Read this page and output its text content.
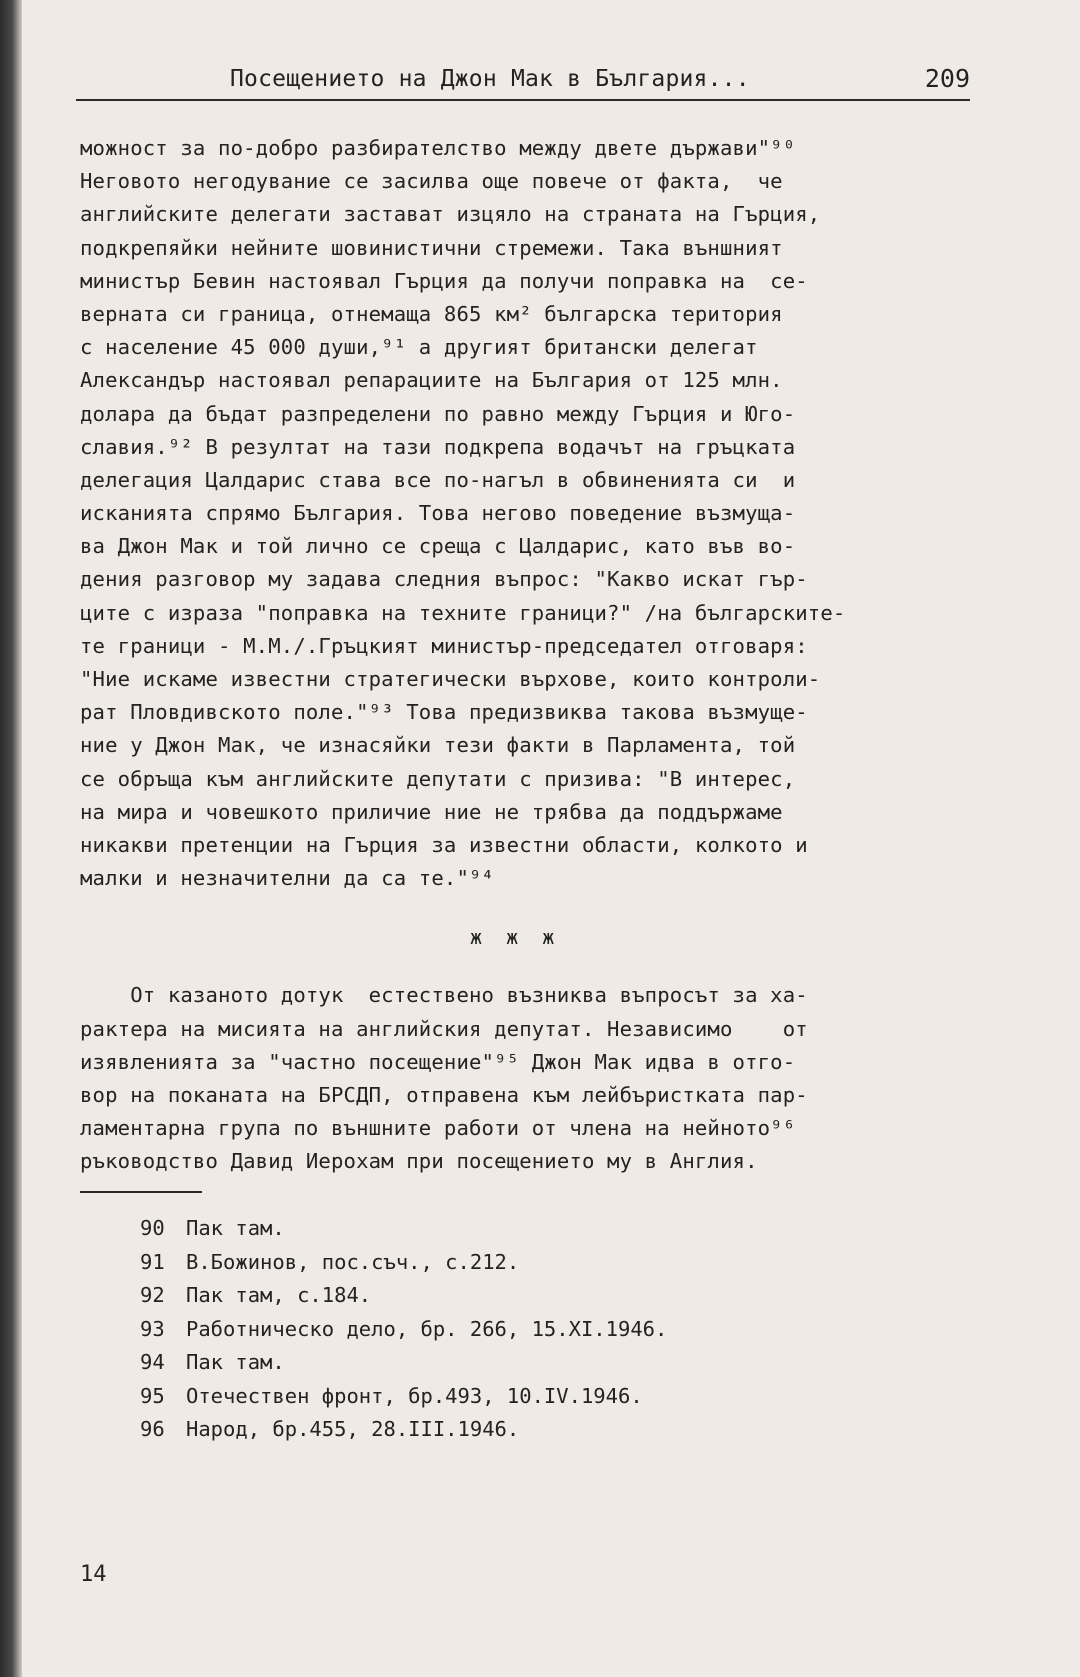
Посещението на Джон Мак в България...	209
можност за по-добро разбирателство между двете държави"⁹⁰
Неговото негодувание се засилва още повече от факта,  че
английските делегати застават изцяло на страната на Гърция,
подкрепяйки нейните шовинистични стремежи. Така външният
министър Бевин настоявал Гърция да получи поправка на  се-
верната си граница, отнемаща 865 км² българска територия
с население 45 000 души,⁹¹ а другият британски делегат
Александър настоявал репарациите на България от 125 млн.
долара да бъдат разпределени по равно между Гърция и Юго-
славия.⁹² В резултат на тази подкрепа водачът на гръцката
делегация Цалдарис става все по-нагъл в обвиненията си  и
исканията спрямо България. Това негово поведение възмуща-
ва Джон Мак и той лично се среща с Цалдарис, като във во-
дения разговор му задава следния въпрос: "Какво искат гър-
ците с израза "поправка на техните граници?" /на българските-
те граници - М.М./.Гръцкият министър-председател отговаря:
"Ние искаме известни стратегически върхове, които контроли-
рат Пловдивското поле."⁹³ Това предизвиква такова възмуще-
ние у Джон Мак, че изнасяйки тези факти в Парламента, той
се обръща към английските депутати с призива: "В интерес,
на мира и човешкото приличие ние не трябва да поддържаме
никакви претенции на Гърция за известни области, колкото и
малки и незначителни да са те."⁹⁴
ж  ж  ж
От казаното дотук  естествено възниква въпросът за ха-
рактера на мисията на английския депутат. Независимо    от
изявленията за "частно посещение"⁹⁵ Джон Мак идва в отго-
вор на поканата на БРСДП, отправена към лейбъристката пар-
ламентарна група по външните работи от члена на нейното⁹⁶
ръководство Давид Иерохам при посещението му в Англия.
90 Пак там.
91 В.Божинов, пос.съч., с.212.
92 Пак там, с.184.
93 Работническо дело, бр. 266, 15.XI.1946.
94 Пак там.
95 Отечествен фронт, бр.493, 10.IV.1946.
96 Народ, бр.455, 28.III.1946.
14
